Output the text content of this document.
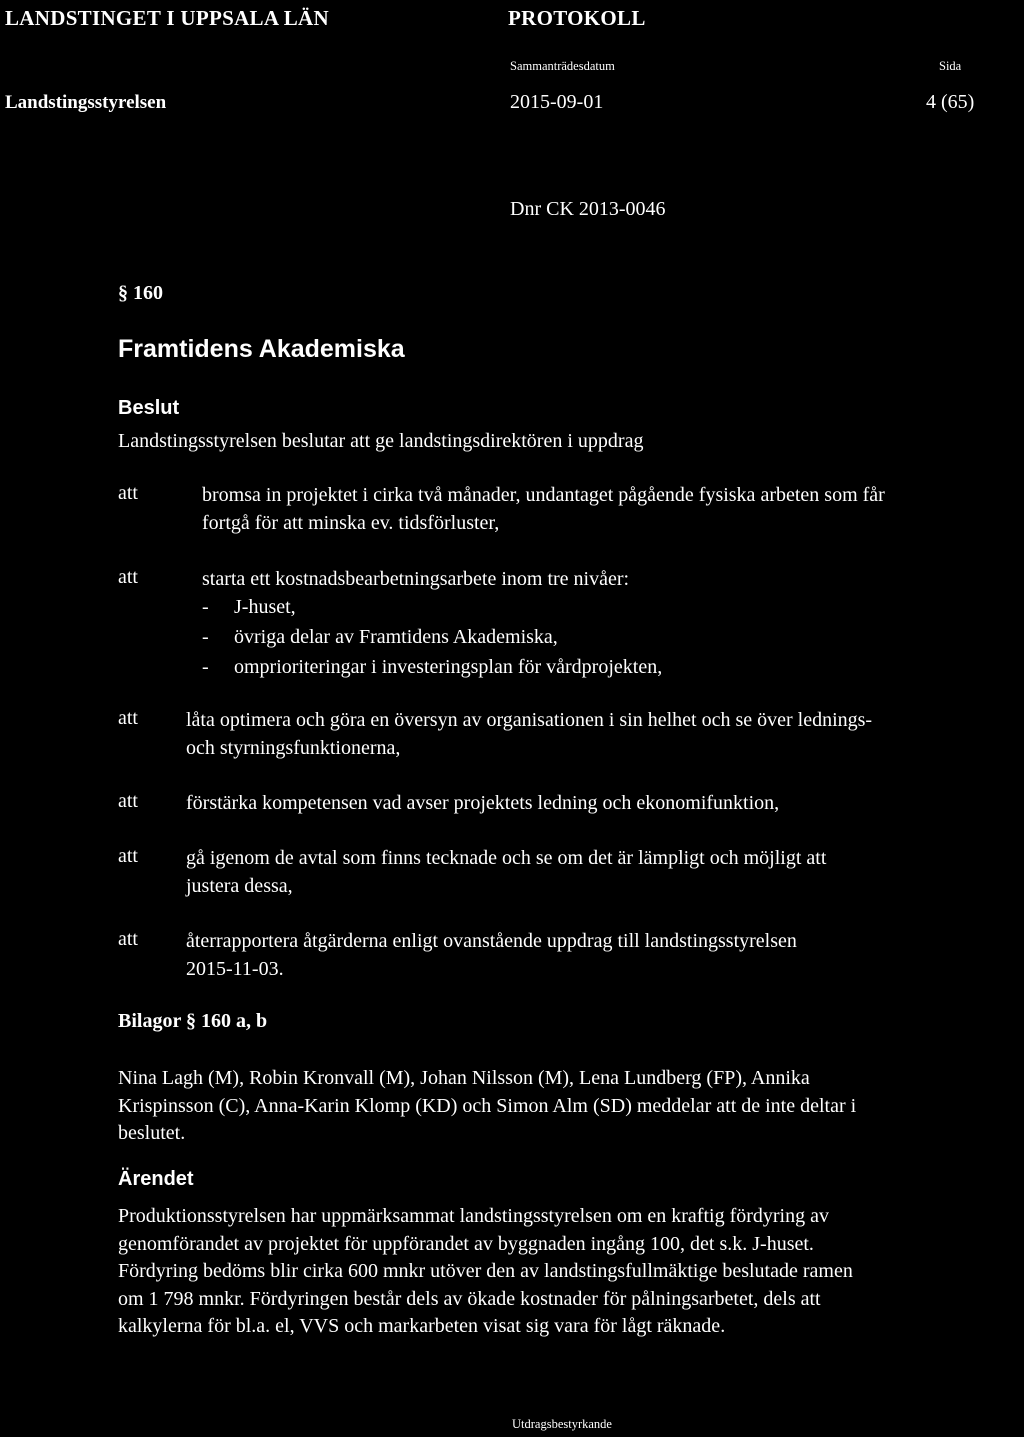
LANDSTINGET I UPPSALA LÄN	PROTOKOLL
Sammanträdesdatum	Sida
Landstingsstyrelsen	2015-09-01	4 (65)
Dnr CK 2013-0046
§ 160
Framtidens Akademiska
Beslut
Landstingsstyrelsen beslutar att ge landstingsdirektören i uppdrag
att	bromsa in projektet i cirka två månader, undantaget pågående fysiska arbeten som får
fortgå för att minska ev. tidsförluster,
att	starta ett kostnadsbearbetningsarbete inom tre nivåer:
- J-huset,
- övriga delar av Framtidens Akademiska,
- omprioriteringar i investeringsplan för vårdprojekten,
att låta optimera och göra en översyn av organisationen i sin helhet och se över lednings-
och styrningsfunktionerna,
att förstärka kompetensen vad avser projektets ledning och ekonomifunktion,
att gå igenom de avtal som finns tecknade och se om det är lämpligt och möjligt att
justera dessa,
att återrapportera åtgärderna enligt ovanstående uppdrag till landstingsstyrelsen
2015-11-03.
Bilagor § 160 a, b
Nina Lagh (M), Robin Kronvall (M), Johan Nilsson (M), Lena Lundberg (FP), Annika
Krispinsson (C), Anna-Karin Klomp (KD) och Simon Alm (SD) meddelar att de inte deltar i
beslutet.
Ärendet
Produktionsstyrelsen har uppmärksammat landstingsstyrelsen om en kraftig fördyring av
genomförandet av projektet för uppförandet av byggnaden ingång 100, det s.k. J-huset.
Fördyring bedöms blir cirka 600 mnkr utöver den av landstingsfullmäktige beslutade ramen
om 1 798 mnkr. Fördyringen består dels av ökade kostnader för pålningsarbetet, dels att
kalkylerna för bl.a. el, VVS och markarbeten visat sig vara för lågt räknade.
Utdragsbestyrkande
